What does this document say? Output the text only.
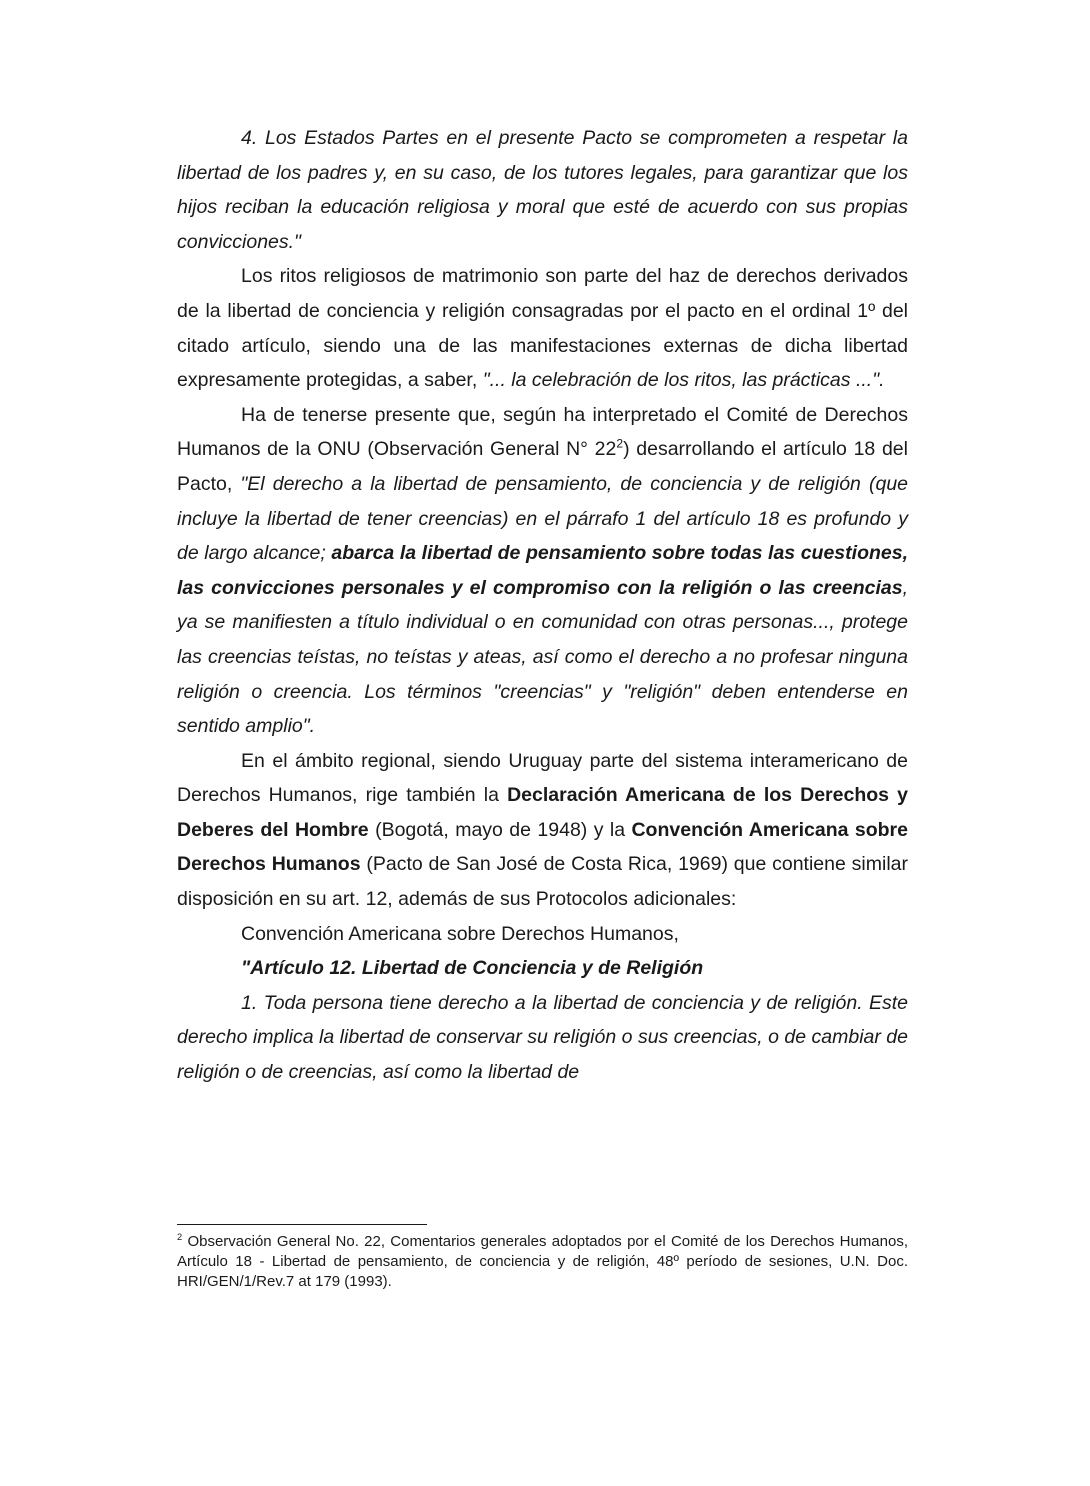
4. Los Estados Partes en el presente Pacto se comprometen a respetar la libertad de los padres y, en su caso, de los tutores legales, para garantizar que los hijos reciban la educación religiosa y moral que esté de acuerdo con sus propias convicciones."

Los ritos religiosos de matrimonio son parte del haz de derechos derivados de la libertad de conciencia y religión consagradas por el pacto en el ordinal 1º del citado artículo, siendo una de las manifestaciones externas de dicha libertad expresamente protegidas, a saber, "... la celebración de los ritos, las prácticas ...".

Ha de tenerse presente que, según ha interpretado el Comité de Derechos Humanos de la ONU (Observación General N° $22^2$) desarrollando el artículo 18 del Pacto, "El derecho a la libertad de pensamiento, de conciencia y de religión (que incluye la libertad de tener creencias) en el párrafo 1 del artículo 18 es profundo y de largo alcance; abarca la libertad de pensamiento sobre todas las cuestiones, las convicciones personales y el compromiso con la religión o las creencias, ya se manifiesten a título individual o en comunidad con otras personas..., protege las creencias teístas, no teístas y ateas, así como el derecho a no profesar ninguna religión o creencia. Los términos "creencias" y "religión" deben entenderse en sentido amplio".

En el ámbito regional, siendo Uruguay parte del sistema interamericano de Derechos Humanos, rige también la Declaración Americana de los Derechos y Deberes del Hombre (Bogotá, mayo de 1948) y la Convención Americana sobre Derechos Humanos (Pacto de San José de Costa Rica, 1969) que contiene similar disposición en su art. 12, además de sus Protocolos adicionales:

Convención Americana sobre Derechos Humanos,

"Artículo 12. Libertad de Conciencia y de Religión

1. Toda persona tiene derecho a la libertad de conciencia y de religión. Este derecho implica la libertad de conservar su religión o sus creencias, o de cambiar de religión o de creencias, así como la libertad de

$^2$ Observación General No. 22, Comentarios generales adoptados por el Comité de los Derechos Humanos, Artículo 18 - Libertad de pensamiento, de conciencia y de religión, 48º período de sesiones, U.N. Doc. HRI/GEN/1/Rev.7 at 179 (1993).
